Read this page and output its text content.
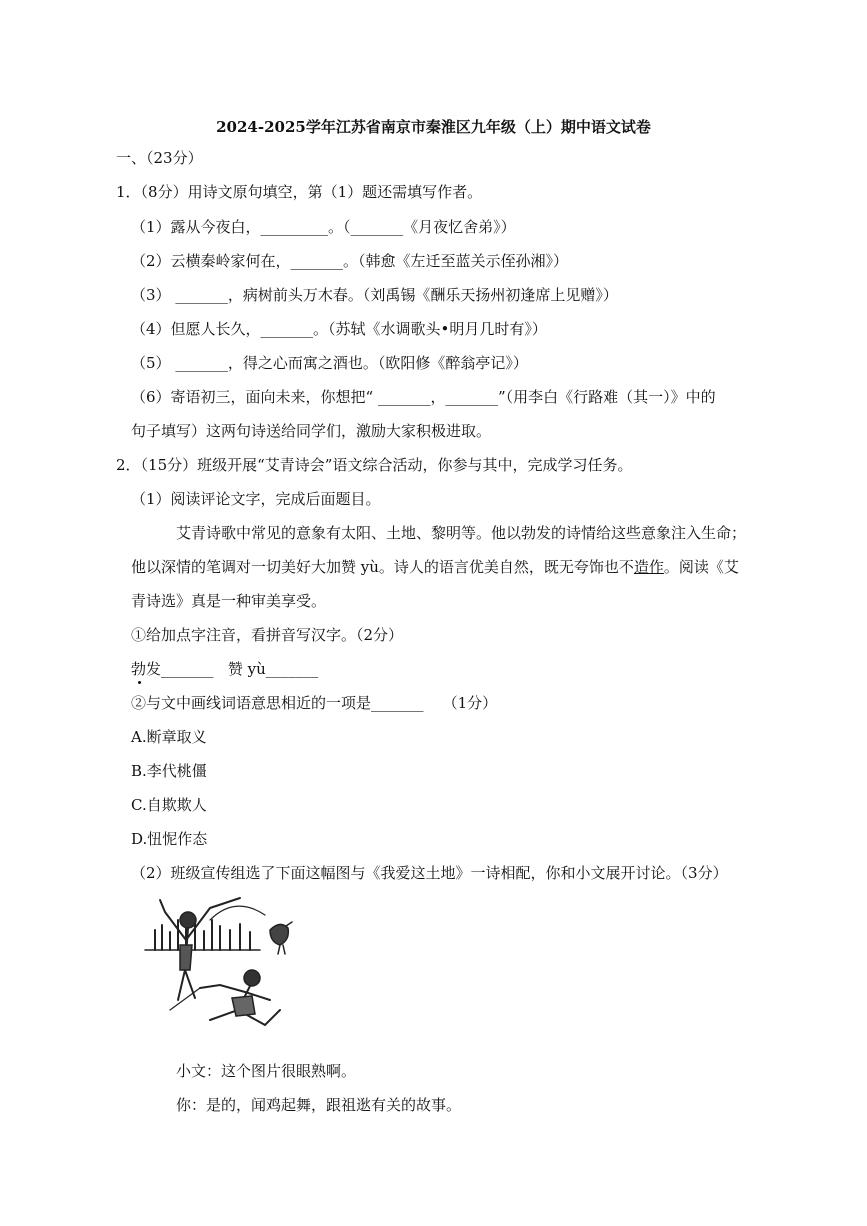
2024-2025学年江苏省南京市秦淮区九年级（上）期中语文试卷
一、（23分）
1．（8分）用诗文原句填空，第（1）题还需填写作者。
（1）露从今夜白，_________。（_______《月夜忆舍弟》）
（2）云横秦岭家何在，_______。（韩愈《左迁至蓝关示侄孙湘》）
（3） _______，病树前头万木春。（刘禹锡《酬乐天扬州初逢席上见赠》）
（4）但愿人长久，_______。（苏轼《水调歌头•明月几时有》）
（5） _______，得之心而寓之酒也。（欧阳修《醉翁亭记》）
（6）寄语初三，面向未来，你想把“ _______，_______”（用李白《行路难（其一）》中的
句子填写）这两句诗送给同学们，激励大家积极进取。
2．（15分）班级开展“艾青诗会”语文综合活动，你参与其中，完成学习任务。
（1）阅读评论文字，完成后面题目。
艾青诗歌中常见的意象有太阳、土地、黎明等。他以勃发的诗情给这些意象注入生命；
他以深情的笔调对一切美好大加赞 yù。诗人的语言优美自然，既无夸饰也不造作。阅读《艾
青诗选》真是一种审美享受。
①给加点字注音，看拼音写汉字。（2分）
勃发_______ 赞 yù_______
②与文中画线词语意思相近的一项是_______ （1分）
A.断章取义
B.李代桃僵
C.自欺欺人
D.忸怩作态
（2）班级宣传组选了下面这幅图与《我爱这土地》一诗相配，你和小文展开讨论。（3分）
小文：这个图片很眼熟啊。
你：是的，闻鸡起舞，跟祖逖有关的故事。
